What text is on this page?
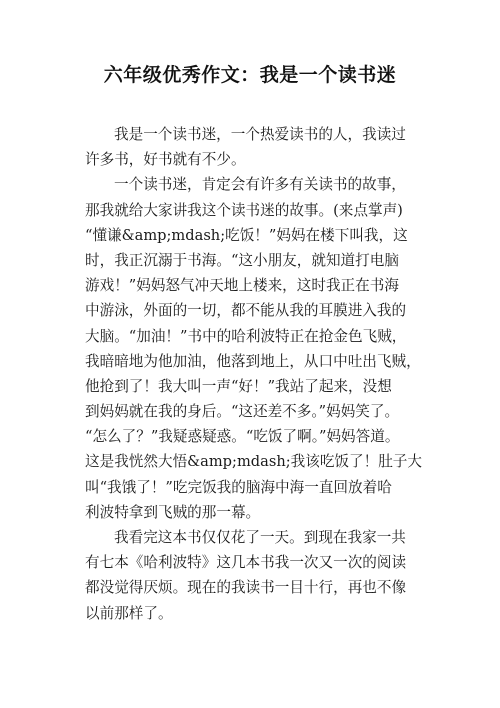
六年级优秀作文：我是一个读书迷
我是一个读书迷，一个热爱读书的人，我读过
许多书，好书就有不少。
一个读书迷，肯定会有许多有关读书的故事，
那我就给大家讲我这个读书迷的故事。(来点掌声)
“懂谦&amp;mdash;吃饭！”妈妈在楼下叫我，这
时，我正沉溺于书海。“这小朋友，就知道打电脑
游戏！”妈妈怒气冲天地上楼来，这时我正在书海
中游泳，外面的一切，都不能从我的耳膜进入我的
大脑。“加油！”书中的哈利波特正在抢金色飞贼，
我暗暗地为他加油，他落到地上，从口中吐出飞贼，
他抢到了！我大叫一声“好！”我站了起来，没想
到妈妈就在我的身后。“这还差不多。”妈妈笑了。
“怎么了？”我疑惑疑惑。“吃饭了啊。”妈妈答道。
这是我恍然大悟&amp;mdash;我该吃饭了！肚子大
叫“我饿了！”吃完饭我的脑海中海一直回放着哈
利波特拿到飞贼的那一幕。
我看完这本书仅仅花了一天。到现在我家一共
有七本《哈利波特》这几本书我一次又一次的阅读
都没觉得厌烦。现在的我读书一目十行，再也不像
以前那样了。
